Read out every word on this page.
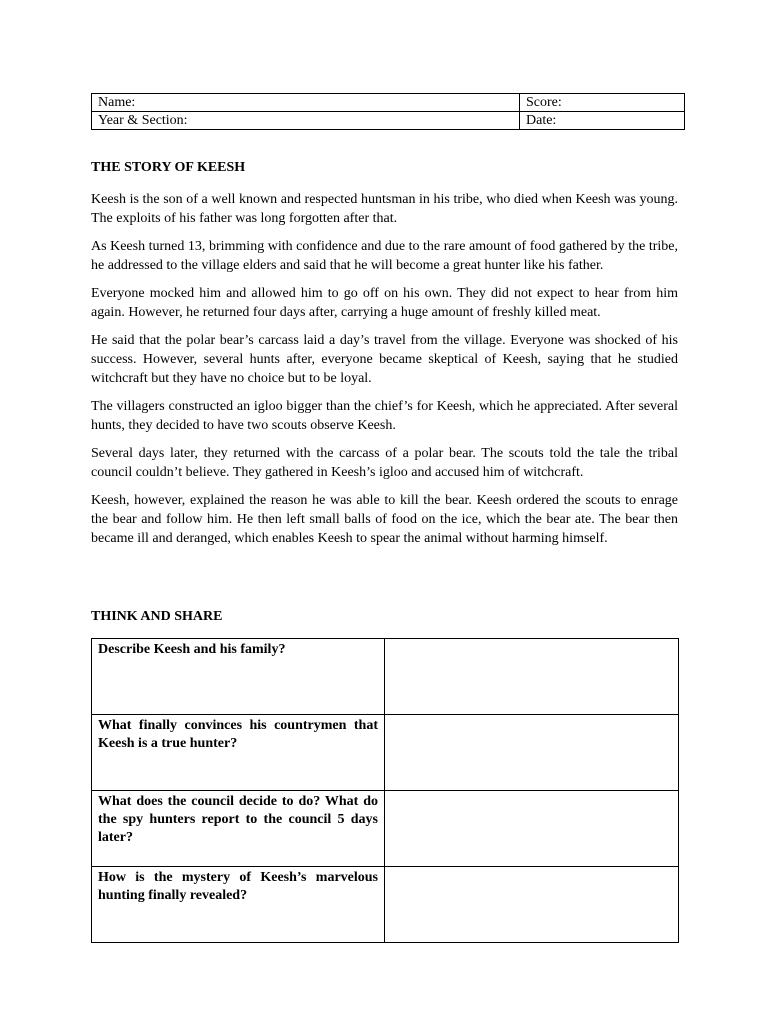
Name:	Score:
Year & Section:	Date:
THE STORY OF KEESH

Keesh is the son of a well known and respected huntsman in his tribe, who died when Keesh was young. The exploits of his father was long forgotten after that.

As Keesh turned 13, brimming with confidence and due to the rare amount of food gathered by the tribe, he addressed to the village elders and said that he will become a great hunter like his father.

Everyone mocked him and allowed him to go off on his own. They did not expect to hear from him again. However, he returned four days after, carrying a huge amount of freshly killed meat.

He said that the polar bear’s carcass laid a day’s travel from the village. Everyone was shocked of his success. However, several hunts after, everyone became skeptical of Keesh, saying that he studied witchcraft but they have no choice but to be loyal.

The villagers constructed an igloo bigger than the chief’s for Keesh, which he appreciated. After several hunts, they decided to have two scouts observe Keesh.

Several days later, they returned with the carcass of a polar bear. The scouts told the tale the tribal council couldn’t believe. They gathered in Keesh’s igloo and accused him of witchcraft.

Keesh, however, explained the reason he was able to kill the bear. Keesh ordered the scouts to enrage the bear and follow him. He then left small balls of food on the ice, which the bear ate. The bear then became ill and deranged, which enables Keesh to spear the animal without harming himself.

THINK AND SHARE
Describe Keesh and his family?	
What finally convinces his countrymen that Keesh is a true hunter?	
What does the council decide to do? What do the spy hunters report to the council 5 days later?	
How is the mystery of Keesh’s marvelous hunting finally revealed?	
